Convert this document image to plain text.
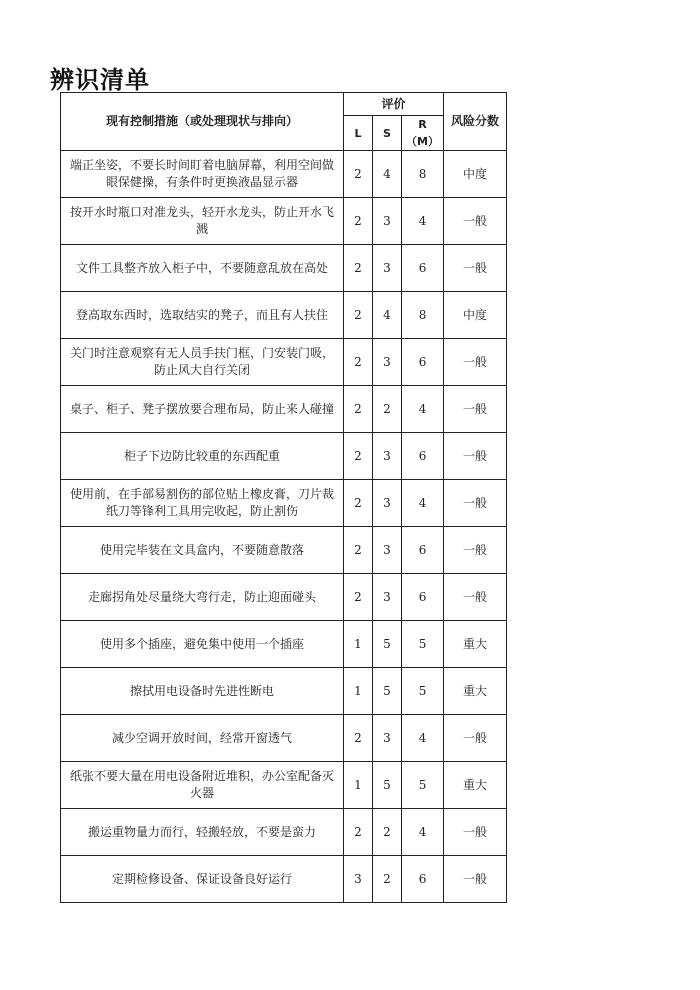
辨识清单
现有控制措施（或处理现状与排向）	评价			风险分数
	L	S	R（M）	
端正坐姿，不要长时间盯着电脑屏幕，利用空间做眼保健操，有条件时更换液晶显示器	2	4	8	中度
按开水时瓶口对准龙头，轻开水龙头，防止开水飞溅	2	3	4	一般
文件工具整齐放入柜子中，不要随意乱放在高处	2	3	6	一般
登高取东西时，选取结实的凳子，而且有人扶住	2	4	8	中度
关门时注意观察有无人员手扶门框，门安装门吸，防止风大自行关闭	2	3	6	一般
桌子、柜子、凳子摆放要合理布局，防止来人碰撞	2	2	4	一般
柜子下边防比较重的东西配重	2	3	6	一般
使用前，在手部易割伤的部位贴上橡皮膏，刀片裁纸刀等锋利工具用完收起，防止割伤	2	3	4	一般
使用完毕装在文具盒内，不要随意散落	2	3	6	一般
走廊拐角处尽量绕大弯行走，防止迎面碰头	2	3	6	一般
使用多个插座，避免集中使用一个插座	1	5	5	重大
擦拭用电设备时先进性断电	1	5	5	重大
减少空调开放时间，经常开窗透气	2	3	4	一般
纸张不要大量在用电设备附近堆积，办公室配备灭火器	1	5	5	重大
搬运重物量力而行，轻搬轻放，不要是蛮力	2	2	4	一般
定期检修设备、保证设备良好运行	3	2	6	一般
